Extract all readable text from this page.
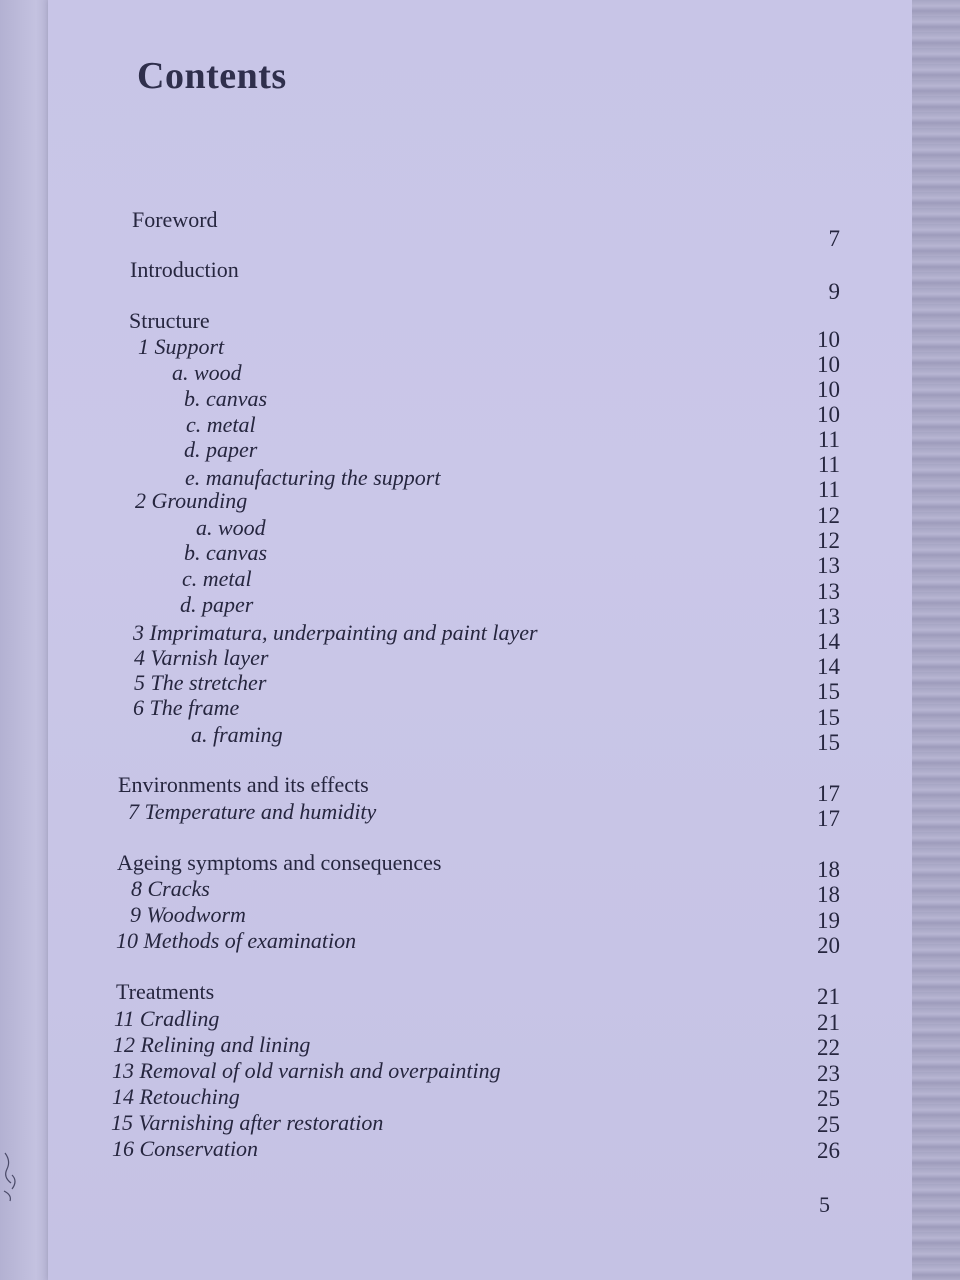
Contents
Foreword
Introduction
Structure
1 Support
a. wood
b. canvas
c. metal
d. paper
e. manufacturing the support
2 Grounding
a. wood
b. canvas
c. metal
d. paper
3 Imprimatura, underpainting and paint layer
4 Varnish layer
5 The stretcher
6 The frame
a. framing
Environments and its effects
7 Temperature and humidity
Ageing symptoms and consequences
8 Cracks
9 Woodworm
10 Methods of examination
Treatments
11 Cradling
12 Relining and lining
13 Removal of old varnish and overpainting
14 Retouching
15 Varnishing after restoration
16 Conservation
7
9
10
10
10
10
11
11
11
12
12
13
13
13
14
14
15
15
15
17
17
18
18
19
20
21
21
22
23
25
25
26
5
